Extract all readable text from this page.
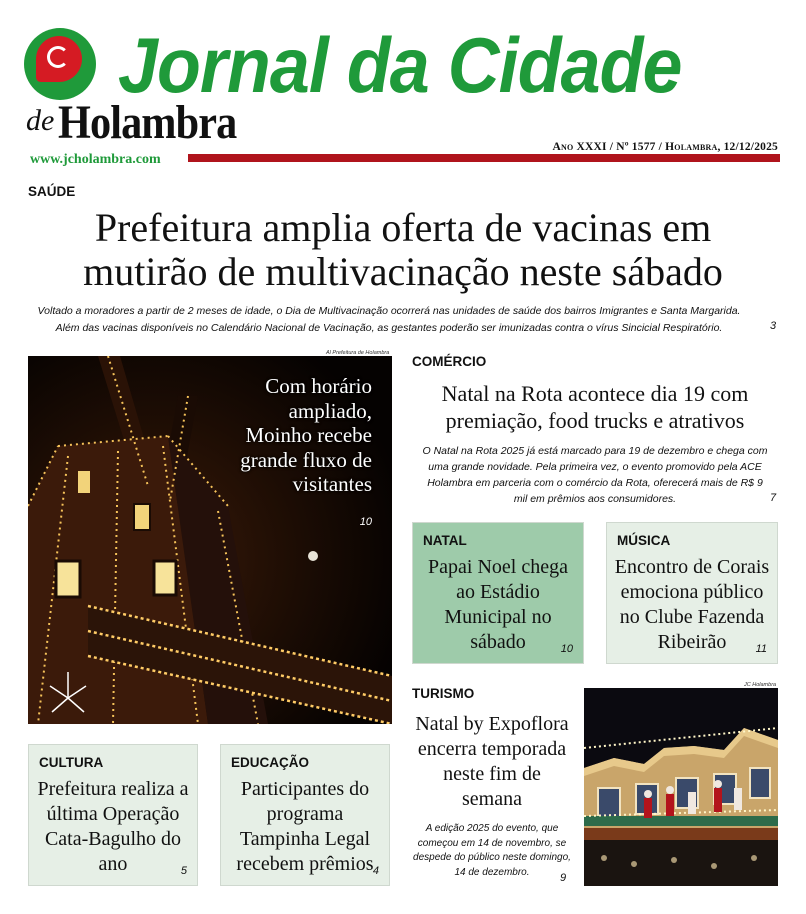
Jornal da Cidade
de Holambra
www.jcholambra.com
Ano XXXI / Nº 1577 / Holambra, 12/12/2025
SAÚDE
Prefeitura amplia oferta de vacinas em mutirão de multivacinação neste sábado
Voltado a moradores a partir de 2 meses de idade, o Dia de Multivacinação ocorrerá nas unidades de saúde dos bairros Imigrantes e Santa Margarida.
Além das vacinas disponíveis no Calendário Nacional de Vacinação, as gestantes poderão ser imunizadas contra o vírus Sincicial Respiratório.	3
Al Prefeitura de Holambra
Com horário ampliado, Moinho recebe grande fluxo de visitantes
10
COMÉRCIO
Natal na Rota acontece dia 19 com premiação, food trucks e atrativos
O Natal na Rota 2025 já está marcado para 19 de dezembro e chega com uma grande novidade. Pela primeira vez, o evento promovido pela ACE Holambra em parceria com o comércio da Rota, oferecerá mais de R$ 9 mil em prêmios aos consumidores.	7
NATAL
Papai Noel chega ao Estádio Municipal no sábado	10
MÚSICA
Encontro de Corais emociona público no Clube Fazenda Ribeirão	11
CULTURA
Prefeitura realiza a última Operação Cata-Bagulho do ano	5
EDUCAÇÃO
Participantes do programa Tampinha Legal recebem prêmios 4
TURISMO
Natal by Expoflora encerra temporada neste fim de semana
A edição 2025 do evento, que começou em 14 de novembro, se despede do público neste domingo, 14 de dezembro.	9
JC Holambra
